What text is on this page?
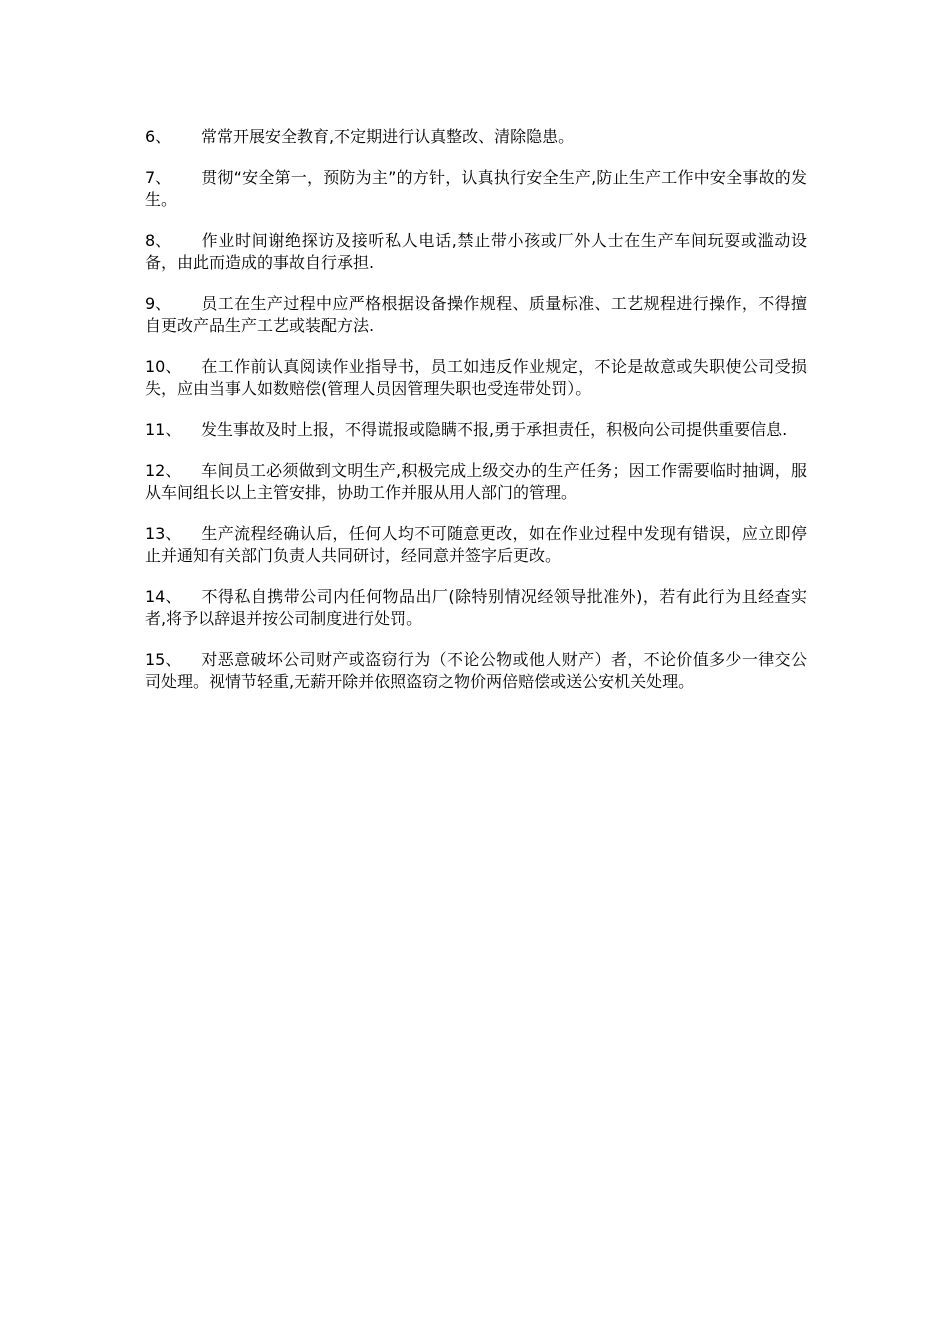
6、 常常开展安全教育,不定期进行认真整改、清除隐患。
7、 贯彻“安全第一，预防为主”的方针，认真执行安全生产,防止生产工作中安全事故的发生。
8、 作业时间谢绝探访及接听私人电话,禁止带小孩或厂外人士在生产车间玩耍或滥动设备，由此而造成的事故自行承担.
9、 员工在生产过程中应严格根据设备操作规程、质量标准、工艺规程进行操作，不得擅自更改产品生产工艺或装配方法.
10、 在工作前认真阅读作业指导书，员工如违反作业规定，不论是故意或失职使公司受损失，应由当事人如数赔偿(管理人员因管理失职也受连带处罚）。
11、 发生事故及时上报，不得谎报或隐瞒不报,勇于承担责任，积极向公司提供重要信息.
12、 车间员工必须做到文明生产,积极完成上级交办的生产任务；因工作需要临时抽调，服从车间组长以上主管安排，协助工作并服从用人部门的管理。
13、 生产流程经确认后，任何人均不可随意更改，如在作业过程中发现有错误，应立即停止并通知有关部门负责人共同研讨，经同意并签字后更改。
14、 不得私自携带公司内任何物品出厂(除特别情况经领导批准外)，若有此行为且经查实者,将予以辞退并按公司制度进行处罚。
15、 对恶意破坏公司财产或盗窃行为（不论公物或他人财产）者，不论价值多少一律交公司处理。视情节轻重,无薪开除并依照盗窃之物价两倍赔偿或送公安机关处理。
